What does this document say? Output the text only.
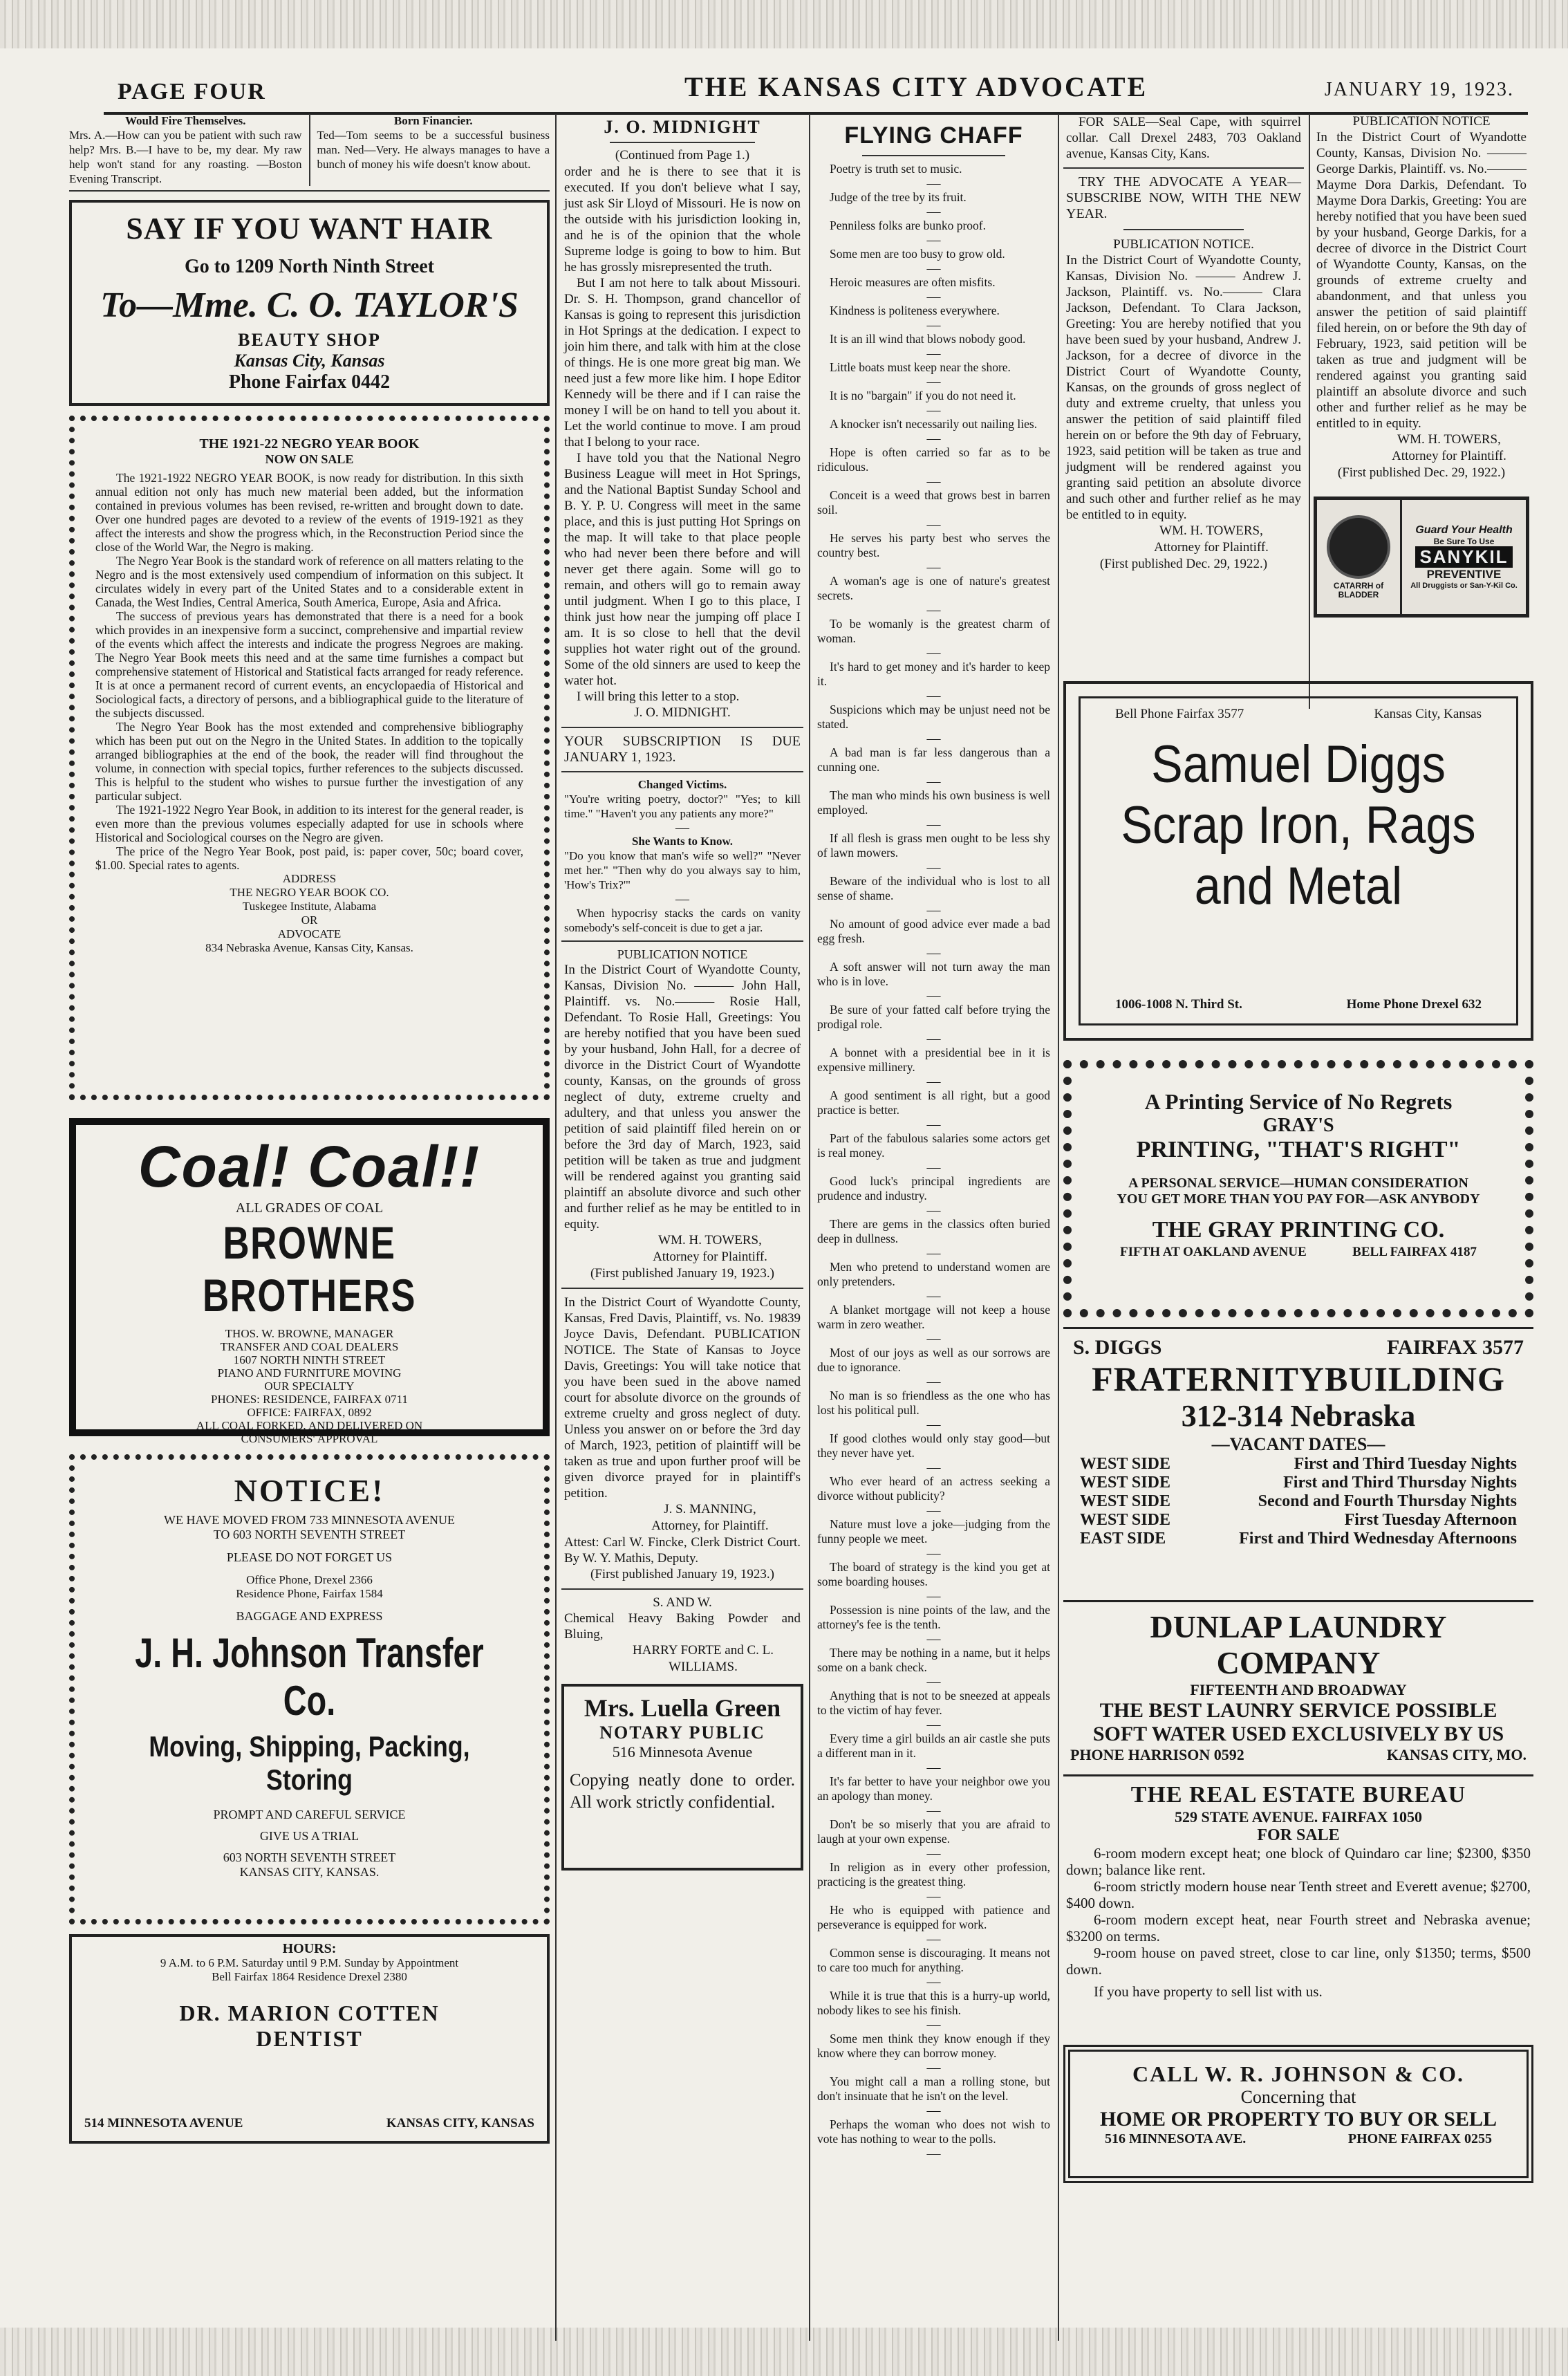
PAGE FOUR	THE KANSAS CITY ADVOCATE	JANUARY 19, 1923.
Would Fire Themselves.

Mrs. A.—How can you be patient with such raw help? Mrs. B.—I have to be, my dear. My raw help won't stand for any roasting. —Boston Evening Transcript.

Born Financier.

Ted—Tom seems to be a successful business man. Ned—Very. He always manages to have a bunch of money his wife doesn't know about.

SAY IF YOU WANT HAIR
Go to 1209 North Ninth Street
To—Mme. C. O. TAYLOR'S
BEAUTY SHOP
Kansas City, Kansas
Phone Fairfax 0442
THE 1921-22 NEGRO YEAR BOOK
NOW ON SALE

The 1921-1922 NEGRO YEAR BOOK, is now ready for distribution. In this sixth annual edition not only has much new material been added, but the information contained in previous volumes has been revised, re-written and brought down to date. Over one hundred pages are devoted to a review of the events of 1919-1921 as they affect the interests and show the progress which, in the Reconstruction Period since the close of the World War, the Negro is making.

The Negro Year Book is the standard work of reference on all matters relating to the Negro and is the most extensively used compendium of information on this subject. It circulates widely in every part of the United States and to a considerable extent in Canada, the West Indies, Central America, South America, Europe, Asia and Africa.

The success of previous years has demonstrated that there is a need for a book which provides in an inexpensive form a succinct, comprehensive and impartial review of the events which affect the interests and indicate the progress Negroes are making. The Negro Year Book meets this need and at the same time furnishes a compact but comprehensive statement of Historical and Statistical facts arranged for ready reference. It is at once a permanent record of current events, an encyclopaedia of Historical and Sociological facts, a directory of persons, and a bibliographical guide to the literature of the subjects discussed.

The Negro Year Book has the most extended and comprehensive bibliography which has been put out on the Negro in the United States. In addition to the topically arranged bibliographies at the end of the book, the reader will find throughout the volume, in connection with special topics, further references to the subjects discussed. This is helpful to the student who wishes to pursue further the investigation of any particular subject.

The 1921-1922 Negro Year Book, in addition to its interest for the general reader, is even more than the previous volumes especially adapted for use in schools where Historical and Sociological courses on the Negro are given.

The price of the Negro Year Book, post paid, is: paper cover, 50c; board cover, $1.00. Special rates to agents.

ADDRESS
THE NEGRO YEAR BOOK CO.
Tuskegee Institute, Alabama
OR
ADVOCATE
834 Nebraska Avenue, Kansas City, Kansas.
Coal! Coal!!
ALL GRADES OF COAL
BROWNE BROTHERS
THOS. W. BROWNE, MANAGER
TRANSFER AND COAL DEALERS
1607 NORTH NINTH STREET
PIANO AND FURNITURE MOVING
OUR SPECIALTY
PHONES: RESIDENCE, FAIRFAX 0711
OFFICE: FAIRFAX, 0892
ALL COAL FORKED, AND DELIVERED ON
CONSUMERS' APPROVAL
NOTICE!
WE HAVE MOVED FROM 733 MINNESOTA AVENUE
TO 603 NORTH SEVENTH STREET
PLEASE DO NOT FORGET US
Office Phone, Drexel 2366
Residence Phone, Fairfax 1584
BAGGAGE AND EXPRESS
J. H. Johnson Transfer Co.
Moving, Shipping, Packing, Storing
PROMPT AND CAREFUL SERVICE
GIVE US A TRIAL
603 NORTH SEVENTH STREET
KANSAS CITY, KANSAS.
HOURS:
9 A.M. to 6 P.M. Saturday until 9 P.M. Sunday by Appointment
Bell Fairfax 1864 Residence Drexel 2380
DR. MARION COTTEN
DENTIST
514 MINNESOTA AVENUE	KANSAS CITY, KANSAS
J. O. MIDNIGHT
(Continued from Page 1.)

order and he is there to see that it is executed. If you don't believe what I say, just ask Sir Lloyd of Missouri. He is now on the outside with his jurisdiction looking in, and he is of the opinion that the whole Supreme lodge is going to bow to him. But he has grossly misrepresented the truth.

But I am not here to talk about Missouri. Dr. S. H. Thompson, grand chancellor of Kansas is going to represent this jurisdiction in Hot Springs at the dedication. I expect to join him there, and talk with him at the close of things. He is one more great big man. We need just a few more like him. I hope Editor Kennedy will be there and if I can raise the money I will be on hand to tell you about it. Let the world continue to move. I am proud that I belong to your race.

I have told you that the National Negro Business League will meet in Hot Springs, and the National Baptist Sunday School and B. Y. P. U. Congress will meet in the same place, and this is just putting Hot Springs on the map. It will take to that place people who had never been there before and will never get there again. Some will go to remain, and others will go to remain away until judgment. When I go to this place, I think just how near the jumping off place I am. It is so close to hell that the devil supplies hot water right out of the ground. Some of the old sinners are used to keep the water hot.

I will bring this letter to a stop.

J. O. MIDNIGHT.

YOUR SUBSCRIPTION IS DUE JANUARY 1, 1923.

Changed Victims.

"You're writing poetry, doctor?" "Yes; to kill time." "Haven't you any patients any more?"

—
She Wants to Know.

"Do you know that man's wife so well?" "Never met her." "Then why do you always say to him, 'How's Trix?'"

—

When hypocrisy stacks the cards on vanity somebody's self-conceit is due to get a jar.

PUBLICATION NOTICE

In the District Court of Wyandotte County, Kansas, Division No. ——— John Hall, Plaintiff. vs. No.——— Rosie Hall, Defendant. To Rosie Hall, Greetings: You are hereby notified that you have been sued by your husband, John Hall, for a decree of divorce in the District Court of Wyandotte county, Kansas, on the grounds of gross neglect of duty, extreme cruelty and adultery, and that unless you answer the petition of said plaintiff filed herein on or before the 3rd day of March, 1923, said petition will be taken as true and judgment will be rendered against you granting said plaintiff an absolute divorce and such other and further relief as he may be entitled to in equity.

WM. H. TOWERS,
Attorney for Plaintiff.
(First published January 19, 1923.)

In the District Court of Wyandotte County, Kansas, Fred Davis, Plaintiff, vs. No. 19839 Joyce Davis, Defendant. PUBLICATION NOTICE. The State of Kansas to Joyce Davis, Greetings: You will take notice that you have been sued in the above named court for absolute divorce on the grounds of extreme cruelty and gross neglect of duty. Unless you answer on or before the 3rd day of March, 1923, petition of plaintiff will be taken as true and upon further proof will be given divorce prayed for in plaintiff's petition.

J. S. MANNING,
Attorney, for Plaintiff.

Attest: Carl W. Fincke, Clerk District Court. By W. Y. Mathis, Deputy.

(First published January 19, 1923.)
S. AND W.

Chemical Heavy Baking Powder and Bluing,

HARRY FORTE and C. L. WILLIAMS.
Mrs. Luella Green
NOTARY PUBLIC
516 Minnesota Avenue

Copying neatly done to order. All work strictly confidential.

FLYING CHAFF

Poetry is truth set to music.

—

Judge of the tree by its fruit.

—

Penniless folks are bunko proof.

—

Some men are too busy to grow old.

—

Heroic measures are often misfits.

—

Kindness is politeness everywhere.

—

It is an ill wind that blows nobody good.

—

Little boats must keep near the shore.

—

It is no "bargain" if you do not need it.

—

A knocker isn't necessarily out nailing lies.

—

Hope is often carried so far as to be ridiculous.

—

Conceit is a weed that grows best in barren soil.

—

He serves his party best who serves the country best.

—

A woman's age is one of nature's greatest secrets.

—

To be womanly is the greatest charm of woman.

—

It's hard to get money and it's harder to keep it.

—

Suspicions which may be unjust need not be stated.

—

A bad man is far less dangerous than a cunning one.

—

The man who minds his own business is well employed.

—

If all flesh is grass men ought to be less shy of lawn mowers.

—

Beware of the individual who is lost to all sense of shame.

—

No amount of good advice ever made a bad egg fresh.

—

A soft answer will not turn away the man who is in love.

—

Be sure of your fatted calf before trying the prodigal role.

—

A bonnet with a presidential bee in it is expensive millinery.

—

A good sentiment is all right, but a good practice is better.

—

Part of the fabulous salaries some actors get is real money.

—

Good luck's principal ingredients are prudence and industry.

—

There are gems in the classics often buried deep in dullness.

—

Men who pretend to understand women are only pretenders.

—

A blanket mortgage will not keep a house warm in zero weather.

—

Most of our joys as well as our sorrows are due to ignorance.

—

No man is so friendless as the one who has lost his political pull.

—

If good clothes would only stay good—but they never have yet.

—

Who ever heard of an actress seeking a divorce without publicity?

—

Nature must love a joke—judging from the funny people we meet.

—

The board of strategy is the kind you get at some boarding houses.

—

Possession is nine points of the law, and the attorney's fee is the tenth.

—

There may be nothing in a name, but it helps some on a bank check.

—

Anything that is not to be sneezed at appeals to the victim of hay fever.

—

Every time a girl builds an air castle she puts a different man in it.

—

It's far better to have your neighbor owe you an apology than money.

—

Don't be so miserly that you are afraid to laugh at your own expense.

—

In religion as in every other profession, practicing is the greatest thing.

—

He who is equipped with patience and perseverance is equipped for work.

—

Common sense is discouraging. It means not to care too much for anything.

—

While it is true that this is a hurry-up world, nobody likes to see his finish.

—

Some men think they know enough if they know where they can borrow money.

—

You might call a man a rolling stone, but don't insinuate that he isn't on the level.

—

Perhaps the woman who does not wish to vote has nothing to wear to the polls.

—

FOR SALE—Seal Cape, with squirrel collar. Call Drexel 2483, 703 Oakland avenue, Kansas City, Kans.

TRY THE ADVOCATE A YEAR—SUBSCRIBE NOW, WITH THE NEW YEAR.

PUBLICATION NOTICE.

In the District Court of Wyandotte County, Kansas, Division No. ——— Andrew J. Jackson, Plaintiff. vs. No.——— Clara Jackson, Defendant. To Clara Jackson, Greeting: You are hereby notified that you have been sued by your husband, Andrew J. Jackson, for a decree of divorce in the District Court of Wyandotte County, Kansas, on the grounds of gross neglect of duty and extreme cruelty, that unless you answer the petition of said plaintiff filed herein on or before the 9th day of February, 1923, said petition will be taken as true and judgment will be rendered against you granting said petition an absolute divorce and such other and further relief as he may be entitled to in equity.

WM. H. TOWERS,
Attorney for Plaintiff.
(First published Dec. 29, 1922.)
PUBLICATION NOTICE

In the District Court of Wyandotte County, Kansas, Division No. ——— George Darkis, Plaintiff. vs. No.——— Mayme Dora Darkis, Defendant. To Mayme Dora Darkis, Greeting: You are hereby notified that you have been sued by your husband, George Darkis, for a decree of divorce in the District Court of Wyandotte County, Kansas, on the grounds of extreme cruelty and abandonment, and that unless you answer the petition of said plaintiff filed herein, on or before the 9th day of February, 1923, said petition will be taken as true and judgment will be rendered against you granting said plaintiff an absolute divorce and such other and further relief as he may be entitled to in equity.

WM. H. TOWERS,
Attorney for Plaintiff.
(First published Dec. 29, 1922.)
CATARRH of BLADDER
Guard Your Health
Be Sure To Use
SANYKIL
PREVENTIVE
All Druggists or San-Y-Kil Co.
Bell Phone Fairfax 3577	Kansas City, Kansas
Samuel Diggs
Scrap Iron, Rags
and Metal
1006-1008 N. Third St.	Home Phone Drexel 632
A Printing Service of No Regrets
GRAY'S
PRINTING, "THAT'S RIGHT"
A PERSONAL SERVICE—HUMAN CONSIDERATION
YOU GET MORE THAN YOU PAY FOR—ASK ANYBODY
THE GRAY PRINTING CO.
FIFTH AT OAKLAND AVENUE	BELL FAIRFAX 4187
S. DIGGS	FAIRFAX 3577
FRATERNITYBUILDING
312-314 Nebraska
—VACANT DATES—
WEST SIDE	First and Third Tuesday Nights
WEST SIDE	First and Third Thursday Nights
WEST SIDE	Second and Fourth Thursday Nights
WEST SIDE	First Tuesday Afternoon
EAST SIDE	First and Third Wednesday Afternoons
DUNLAP LAUNDRY
COMPANY
FIFTEENTH AND BROADWAY
THE BEST LAUNRY SERVICE POSSIBLE
SOFT WATER USED EXCLUSIVELY BY US
PHONE HARRISON 0592	KANSAS CITY, MO.
THE REAL ESTATE BUREAU
529 STATE AVENUE. FAIRFAX 1050
FOR SALE

6-room modern except heat; one block of Quindaro car line; $2300, $350 down; balance like rent.

6-room strictly modern house near Tenth street and Everett avenue; $2700, $400 down.

6-room modern except heat, near Fourth street and Nebraska avenue; $3200 on terms.

9-room house on paved street, close to car line, only $1350; terms, $500 down.

If you have property to sell list with us.

CALL W. R. JOHNSON & CO.
Concerning that
HOME OR PROPERTY TO BUY OR SELL
516 MINNESOTA AVE.	PHONE FAIRFAX 0255
